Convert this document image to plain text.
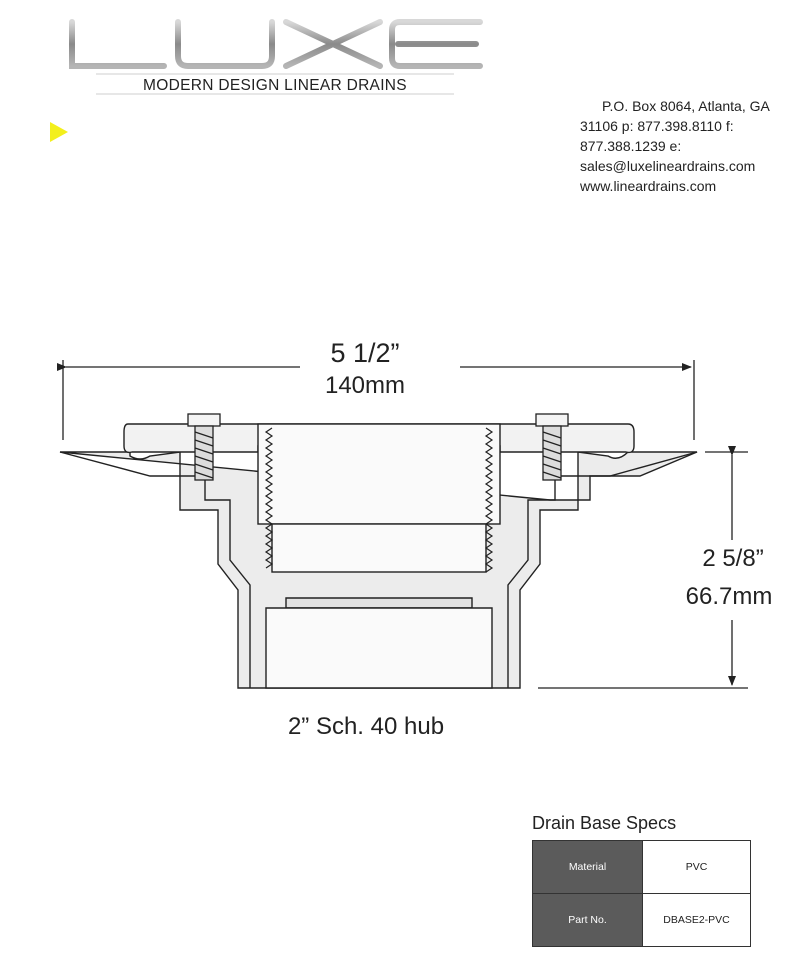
MODERN DESIGN LINEAR DRAINS
P.O. Box 8064, Atlanta, GA
31106 p: 877.398.8110 f:
877.388.1239 e:
sales@luxelineardrains.com
www.lineardrains.com
5 1/2”
140mm
2 5/8”
66.7mm
2” Sch. 40 hub
Drain Base Specs
Material	PVC
Part No.	DBASE2-PVC
